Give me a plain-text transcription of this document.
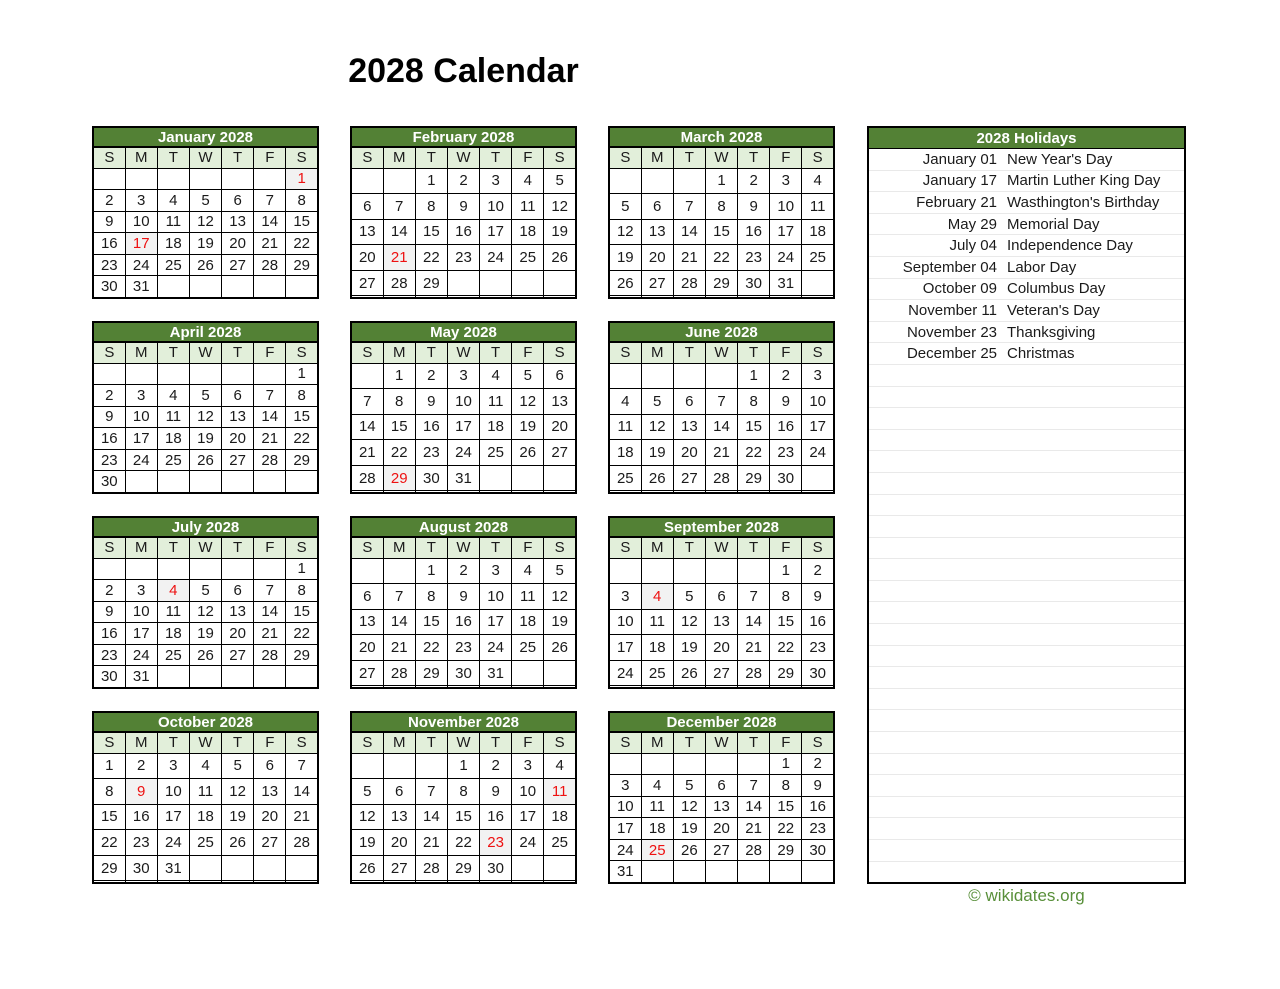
2028 Calendar
January 2028						
S	M	T	W	T	F	S
						1
2	3	4	5	6	7	8
9	10	11	12	13	14	15
16	17	18	19	20	21	22
23	24	25	26	27	28	29
30	31					
February 2028						
S	M	T	W	T	F	S
		1	2	3	4	5
6	7	8	9	10	11	12
13	14	15	16	17	18	19
20	21	22	23	24	25	26
27	28	29				

March 2028						
S	M	T	W	T	F	S
			1	2	3	4
5	6	7	8	9	10	11
12	13	14	15	16	17	18
19	20	21	22	23	24	25
26	27	28	29	30	31	

April 2028						
S	M	T	W	T	F	S
						1
2	3	4	5	6	7	8
9	10	11	12	13	14	15
16	17	18	19	20	21	22
23	24	25	26	27	28	29
30						
May 2028						
S	M	T	W	T	F	S
	1	2	3	4	5	6
7	8	9	10	11	12	13
14	15	16	17	18	19	20
21	22	23	24	25	26	27
28	29	30	31			

June 2028						
S	M	T	W	T	F	S
				1	2	3
4	5	6	7	8	9	10
11	12	13	14	15	16	17
18	19	20	21	22	23	24
25	26	27	28	29	30	

July 2028						
S	M	T	W	T	F	S
						1
2	3	4	5	6	7	8
9	10	11	12	13	14	15
16	17	18	19	20	21	22
23	24	25	26	27	28	29
30	31					
August 2028						
S	M	T	W	T	F	S
		1	2	3	4	5
6	7	8	9	10	11	12
13	14	15	16	17	18	19
20	21	22	23	24	25	26
27	28	29	30	31		

September 2028						
S	M	T	W	T	F	S
					1	2
3	4	5	6	7	8	9
10	11	12	13	14	15	16
17	18	19	20	21	22	23
24	25	26	27	28	29	30

October 2028						
S	M	T	W	T	F	S
1	2	3	4	5	6	7
8	9	10	11	12	13	14
15	16	17	18	19	20	21
22	23	24	25	26	27	28
29	30	31				

November 2028						
S	M	T	W	T	F	S
			1	2	3	4
5	6	7	8	9	10	11
12	13	14	15	16	17	18
19	20	21	22	23	24	25
26	27	28	29	30		

December 2028						
S	M	T	W	T	F	S
					1	2
3	4	5	6	7	8	9
10	11	12	13	14	15	16
17	18	19	20	21	22	23
24	25	26	27	28	29	30
31						
2028 Holidays
January 01 New Year's Day
January 17 Martin Luther King Day
February 21 Wasthington's Birthday
May 29 Memorial Day
July 04 Independence Day
September 04 Labor Day
October 09 Columbus Day
November 11 Veteran's Day
November 23 Thanksgiving
December 25 Christmas
© wikidates.org
